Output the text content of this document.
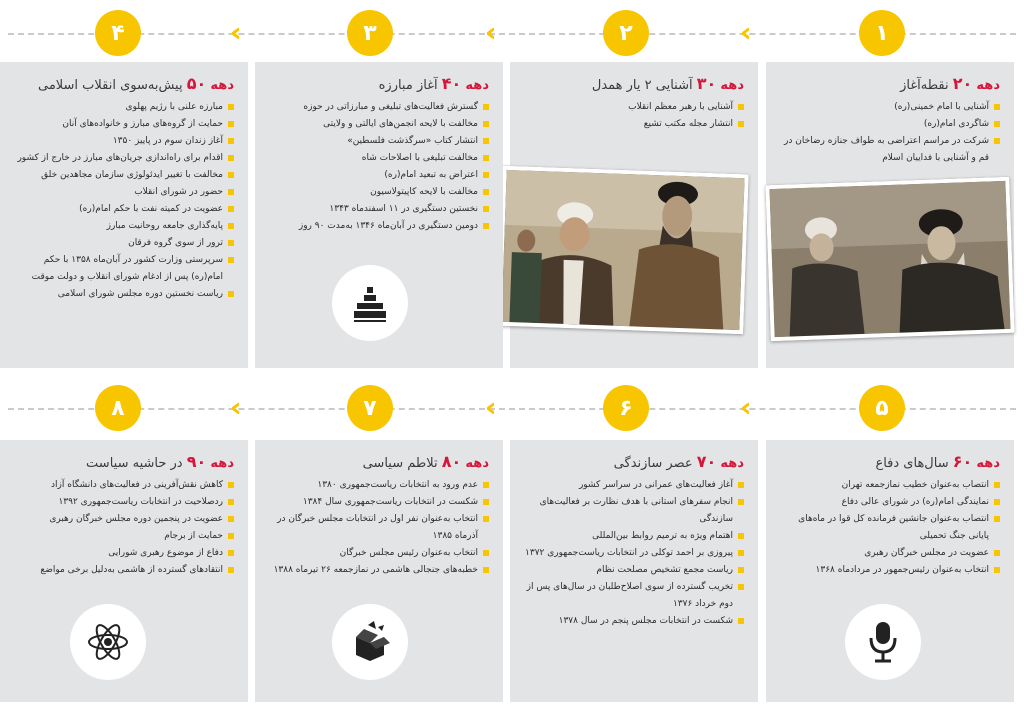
‹‹
‹‹
‹‹
‹‹
‹‹
‹‹
۱
۲
۳
۴
۵
۶
۷
۸
دهه ۲۰ نقطه‌آغاز
آشنایی با امام خمینی(ره)
شاگردی امام(ره)
شرکت در مراسم اعتراضی به طواف جنازه رضاخان در قم و آشنایی با فداییان اسلام
دهه ۳۰ آشنایی ۲ یار همدل
آشنایی با رهبر معظم انقلاب
انتشار مجله مکتب تشیع
دهه ۴۰ آغاز مبارزه
گسترش فعالیت‌های تبلیغی و مبارزاتی در حوزه
مخالفت با لایحه انجمن‌های ایالتی و ولایتی
انتشار کتاب «سرگذشت فلسطین»
مخالفت تبلیغی با اصلاحات شاه
اعتراض به تبعید امام(ره)
مخالفت با لایحه کاپیتولاسیون
نخستین دستگیری در ۱۱ اسفندماه ۱۳۴۳
دومین دستگیری در آبان‌ماه ۱۳۴۶ به‌مدت ۹۰ روز
دهه ۵۰ پیش‌به‌سوی انقلاب اسلامی
مبارزه علنی با رژیم پهلوی
حمایت از گروه‌های مبارز و خانواده‌های آنان
آغاز زندان سوم در پاییز ۱۳۵۰
اقدام برای راه‌اندازی جریان‌های مبارز در خارج از کشور
مخالفت با تغییر ایدئولوژی سازمان مجاهدین خلق
حضور در شورای انقلاب
عضویت در کمیته نفت با حکم امام(ره)
پایه‌گذاری جامعه روحانیت مبارز
ترور از سوی گروه فرقان
سرپرستی وزارت کشور در آبان‌ماه ۱۳۵۸ با حکم امام(ره) پس از ادغام شورای انقلاب و دولت موقت
ریاست نخستین دوره مجلس شورای اسلامی
دهه ۶۰ سال‌های دفاع
انتصاب به‌عنوان خطیب نمازجمعه تهران
نمایندگی امام(ره) در شورای عالی دفاع
انتصاب به‌عنوان جانشین فرمانده کل قوا در ماه‌های پایانی جنگ تحمیلی
عضویت در مجلس خبرگان رهبری
انتخاب به‌عنوان رئیس‌جمهور در مردادماه ۱۳۶۸
دهه ۷۰ عصر سازندگی
آغاز فعالیت‌های عمرانی در سراسر کشور
انجام سفرهای استانی با هدف نظارت بر فعالیت‌های سازندگی
اهتمام ویژه به ترمیم روابط بین‌المللی
پیروزی بر احمد توکلی در انتخابات ریاست‌جمهوری ۱۳۷۲
ریاست مجمع تشخیص مصلحت نظام
تخریب گسترده از سوی اصلاح‌طلبان در سال‌های پس از دوم خرداد ۱۳۷۶
شکست در انتخابات مجلس پنجم در سال ۱۳۷۸
دهه ۸۰ تلاطم سیاسی
عدم ورود به انتخابات ریاست‌جمهوری ۱۳۸۰
شکست در انتخابات ریاست‌جمهوری سال ۱۳۸۴
انتخاب به‌عنوان نفر اول در انتخابات مجلس خبرگان در آذرماه ۱۳۸۵
انتخاب به‌عنوان رئیس مجلس خبرگان
خطبه‌های جنجالی هاشمی در نمازجمعه ۲۶ تیرماه ۱۳۸۸
دهه ۹۰ در حاشیه سیاست
کاهش نقش‌آفرینی در فعالیت‌های دانشگاه آزاد
ردصلاحیت در انتخابات ریاست‌جمهوری ۱۳۹۲
عضویت در پنجمین دوره مجلس خبرگان رهبری
حمایت از برجام
دفاع از موضوع رهبری شورایی
انتقادهای گسترده از هاشمی به‌دلیل برخی مواضع
